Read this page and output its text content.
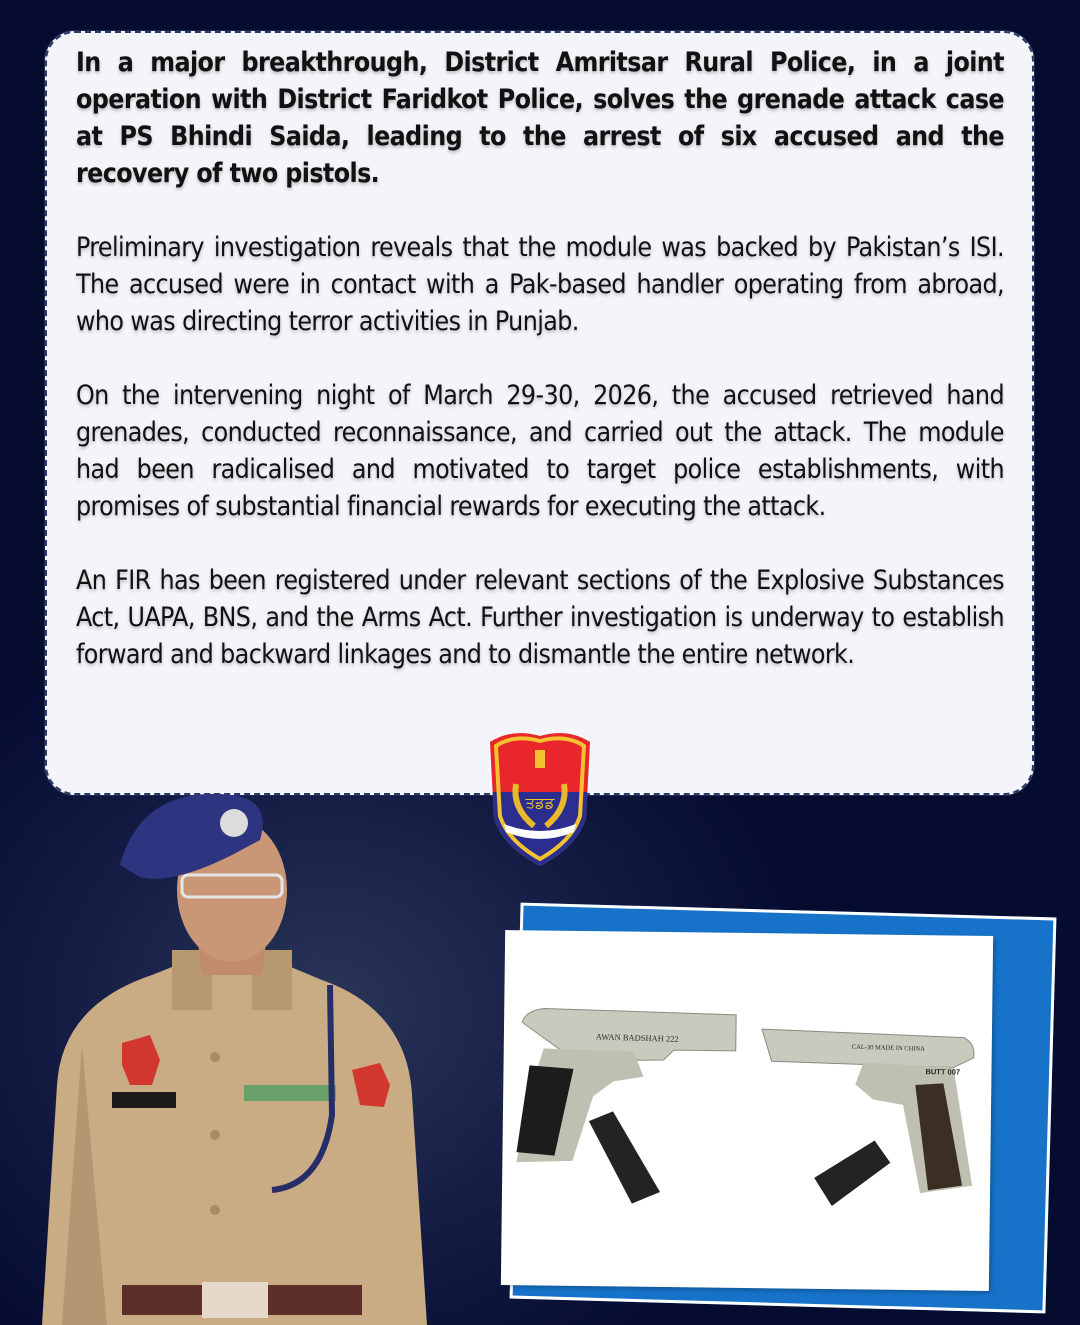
In a major breakthrough, District Amritsar Rural Police, in a joint operation with District Faridkot Police, solves the grenade attack case at PS Bhindi Saida, leading to the arrest of six accused and the recovery of two pistols.

Preliminary investigation reveals that the module was backed by Pakistan’s ISI. The accused were in contact with a Pak-based handler operating from abroad, who was directing terror activities in Punjab.

On the intervening night of March 29-30, 2026, the accused retrieved hand grenades, conducted reconnaissance, and carried out the attack. The module had been radicalised and motivated to target police establishments, with promises of substantial financial rewards for executing the attack.

An FIR has been registered under relevant sections of the Explosive Substances Act, UAPA, BNS, and the Arms Act. Further investigation is underway to establish forward and backward linkages and to dismantle the entire network.

ਤਡਡ
AWAN BADSHAH 222
CAL-30 MADE IN CHINA
BUTT 007
